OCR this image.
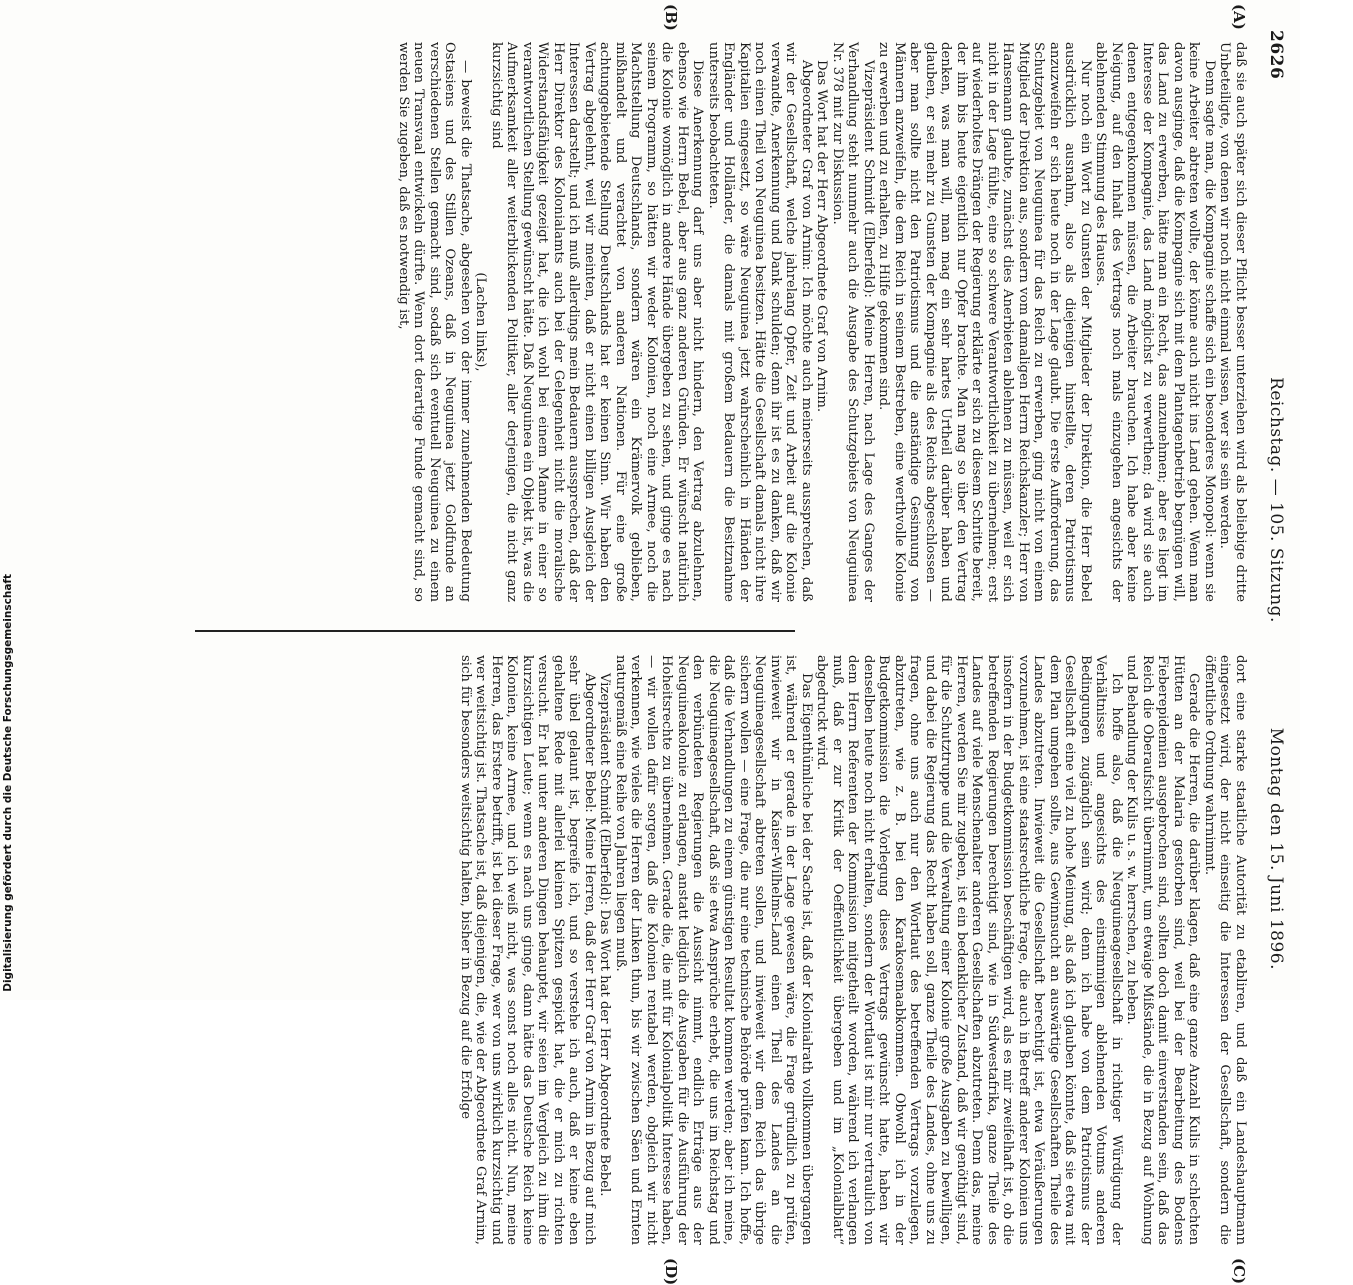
2626
Reichstag. — 105. Sitzung.
Montag den 15. Juni 1896.
(A)
(B)
(C)
(D)

daß sie auch später sich dieser Pflicht besser unterziehen wird als beliebige dritte Unbeteiligte, von denen wir noch nicht einmal wissen, wer sie sein werden.

Denn sagte man, die Kompagnie schaffe sich ein besonderes Monopol: wenn sie keine Arbeiter abtreten wollte, der könne auch nicht ins Land gehen. Wenn man davon ausginge, daß die Kompagnie sich mit dem Plantagenbetrieb begnügen will, das Land zu erwerben, hätte man ein Recht, das anzunehmen; aber es liegt im Interesse der Kompagnie, das Land möglichst zu verwerthen; da wird sie auch denen entgegenkommen müssen, die Arbeiter brauchen. Ich habe aber keine Neigung, auf den Inhalt des Vertrags noch mals einzugehen angesichts der ablehnenden Stimmung des Hauses.

Nur noch ein Wort zu Gunsten der Mitglieder der Direktion, die Herr Bebel ausdrücklich ausnahm, also als diejenigen hinstellte, deren Patriotismus anzuzweifeln er sich heute noch in der Lage glaubt. Die erste Aufforderung, das Schutzgebiet von Neuguinea für das Reich zu erwerben, ging nicht von einem Mitglied der Direktion aus, sondern vom damaligen Herrn Reichskanzler; Herr von Hansemann glaubte, zunächst dies Anerbieten ablehnen zu müssen, weil er sich nicht in der Lage fühlte, eine so schwere Verantwortlichkeit zu übernehmen; erst auf wiederholtes Drängen der Regierung erklärte er sich zu diesem Schritte bereit, der ihm bis heute eigentlich nur Opfer brachte. Man mag so über den Vertrag denken, was man will, man mag ein sehr hartes Urtheil darüber haben und glauben, er sei mehr zu Gunsten der Kompagnie als des Reichs abgeschlossen — aber man sollte nicht den Patriotismus und die anständige Gesinnung von Männern anzweifeln, die dem Reich in seinem Bestreben, eine werthvolle Kolonie zu erwerben und zu erhalten, zu Hilfe gekommen sind.

Vizepräsident Schmidt (Elberfeld): Meine Herren, nach Lage des Ganges der Verhandlung steht nunmehr auch die Ausgabe des Schutzgebiets von Neuguinea Nr. 378 mit zur Diskussion.

Das Wort hat der Herr Abgeordnete Graf von Arnim.

Abgeordneter Graf von Arnim: Ich möchte auch meinerseits aussprechen, daß wir der Gesellschaft, welche jahrelang Opfer, Zeit und Arbeit auf die Kolonie verwandte, Anerkennung und Dank schulden; denn ihr ist es zu danken, daß wir noch einen Theil von Neuguinea besitzen. Hätte die Gesellschaft damals nicht ihre Kapitalien eingesetzt, so wäre Neuguinea jetzt wahrscheinlich in Händen der Engländer und Holländer, die damals mit großem Bedauern die Besitznahme unterseits beobachteten.

Diese Anerkennung darf uns aber nicht hindern, den Vertrag abzulehnen, ebenso wie Herrn Bebel, aber aus ganz anderen Gründen. Er wünscht natürlich die Kolonie womöglich in andere Hände übergeben zu sehen, und ginge es nach seinem Programm, so hätten wir weder Kolonien, noch eine Armee, noch die Machtstellung Deutschlands, sondern wären ein Krämervolk geblieben, mißhandelt und verachtet von anderen Nationen. Für eine große achtunggebietende Stellung Deutschlands hat er keinen Sinn. Wir haben den Vertrag abgelehnt, weil wir meinten, daß er nicht einen billigen Ausgleich der Interessen darstellt; und ich muß allerdings mein Bedauern aussprechen, daß der Herr Direktor des Kolonialamts auch bei der Gelegenheit nicht die moralische Widerstandsfähigkeit gezeigt hat, die ich wohl bei einem Manne in einer so verantwortlichen Stellung gewünscht hätte. Daß Neuguinea ein Objekt ist, was die Aufmerksamkeit aller weiterblickenden Politiker, aller derjenigen, die nicht ganz kurzsichtig sind

(Lachen links),

— beweist die Thatsache, abgesehen von der immer zunehmenden Bedeutung Ostasiens und des Stillen Ozeans, daß in Neuguinea jetzt Goldfunde an verschiedenen Stellen gemacht sind, sodaß sich eventuell Neuguinea zu einem neuen Transvaal entwickeln dürfte. Wenn dort derartige Funde gemacht sind, so werden Sie zugeben, daß es notwendig ist,

dort eine starke staatliche Autorität zu etabliren, und daß ein Landeshauptmann eingesetzt wird, der nicht einseitig die Interessen der Gesellschaft, sondern die öffentliche Ordnung wahrnimmt.

Gerade die Herren, die darüber klagen, daß eine ganze Anzahl Kulis in schlechten Hütten an der Malaria gestorben sind, weil bei der Bearbeitung des Bodens Fieberepidemien ausgebrochen sind, sollten doch damit einverstanden sein, daß das Reich die Oberaufsicht übernimmt, um etwaige Mißstände, die in Bezug auf Wohnung und Behandlung der Kulis u. s. w. herrschen, zu heben.

Ich hoffe also, daß die Neuguineagesellschaft in richtiger Würdigung der Verhältnisse und angesichts des einstimmigen ablehnenden Votums anderen Bedingungen zugänglich sein wird; denn ich habe von dem Patriotismus der Gesellschaft eine viel zu hohe Meinung, als daß ich glauben könnte, daß sie etwa mit dem Plan umgehen sollte, aus Gewinnsucht an auswärtige Gesellschaften Theile des Landes abzutreten. Inwieweit die Gesellschaft berechtigt ist, etwa Veräußerungen vorzunehmen, ist eine staatsrechtliche Frage, die auch in Betreff anderer Kolonien uns insofern in der Budgetkommission beschäftigen wird, als es mir zweifelhaft ist, ob die betreffenden Regierungen berechtigt sind, wie in Südwestafrika, ganze Theile des Landes auf viele Menschenalter anderen Gesellschaften abzutreten. Denn das, meine Herren, werden Sie mir zugeben, ist ein bedenklicher Zustand, daß wir genöthigt sind, für die Schutztruppe und die Verwaltung einer Kolonie große Ausgaben zu bewilligen, und dabei die Regierung das Recht haben soll, ganze Theile des Landes, ohne uns zu fragen, ohne uns auch nur den Wortlaut des betreffenden Vertrags vorzulegen, abzutreten, wie z. B. bei den Karakosemaabkommen. Obwohl ich in der Budgetkommission die Vorlegung dieses Vertrags gewünscht hatte, haben wir denselben heute noch nicht erhalten, sondern der Wortlaut ist mir nur vertraulich von dem Herrn Referenten der Kommission mitgetheilt worden, während ich verlangen muß, daß er zur Kritik der Oeffentlichkeit übergeben und im „Kolonialblatt“ abgedruckt wird.

Das Eigenthümliche bei der Sache ist, daß der Kolonialrath vollkommen übergangen ist, während er gerade in der Lage gewesen wäre, die Frage gründlich zu prüfen, inwieweit wir in Kaiser-Wilhelms-Land einen Theil des Landes an die Neuguineagesellschaft abtreten sollen, und inwieweit wir dem Reich das übrige sichern wollen — eine Frage, die nur eine technische Behörde prüfen kann. Ich hoffe, daß die Verhandlungen zu einem günstigen Resultat kommen werden; aber ich meine, die Neuguineagesellschaft, daß sie etwa Ansprüche erhebt, die uns im Reichstag und den verbündeten Regierungen die Aussicht nimmt, endlich Erträge aus der Neuguineakolonie zu erlangen, anstatt lediglich die Ausgaben für die Ausführung der Hoheitsrechte zu übernehmen. Gerade die, die mit für Kolonialpolitik Interesse haben, — wir wollen dafür sorgen, daß die Kolonien rentabel werden, obgleich wir nicht verkennen, wie vieles die Herren der Linken thun, bis wir zwischen Säen und Ernten naturgemäß eine Reihe von Jahren liegen muß.

Vizepräsident Schmidt (Elberfeld): Das Wort hat der Herr Abgeordnete Bebel.

Abgeordneter Bebel: Meine Herren, daß der Herr Graf von Arnim in Bezug auf mich sehr übel gelaunt ist, begreife ich, und so verstehe ich auch, daß er keine eben gehaltene Rede mit allerlei kleinen Spitzen gespickt hat, die er mich zu richten versucht. Er hat unter anderen Dingen behauptet, wir seien im Vergleich zu ihm die kurzsichtigen Leute; wenn es nach uns ginge, dann hätte das Deutsche Reich keine Kolonien, keine Armee, und ich weiß nicht, was sonst noch alles nicht. Nun, meine Herren, das Erstere betrifft, ist bei dieser Frage, wer von uns wirklich kurzsichtig und wer weitsichtig ist. Thatsache ist, daß diejenigen, die, wie der Abgeordnete Graf Arnim, sich für besonders weitsichtig halten, bisher in Bezug auf die Erfolge

Digitalisierung gefördert durch die Deutsche Forschungsgemeinschaft
